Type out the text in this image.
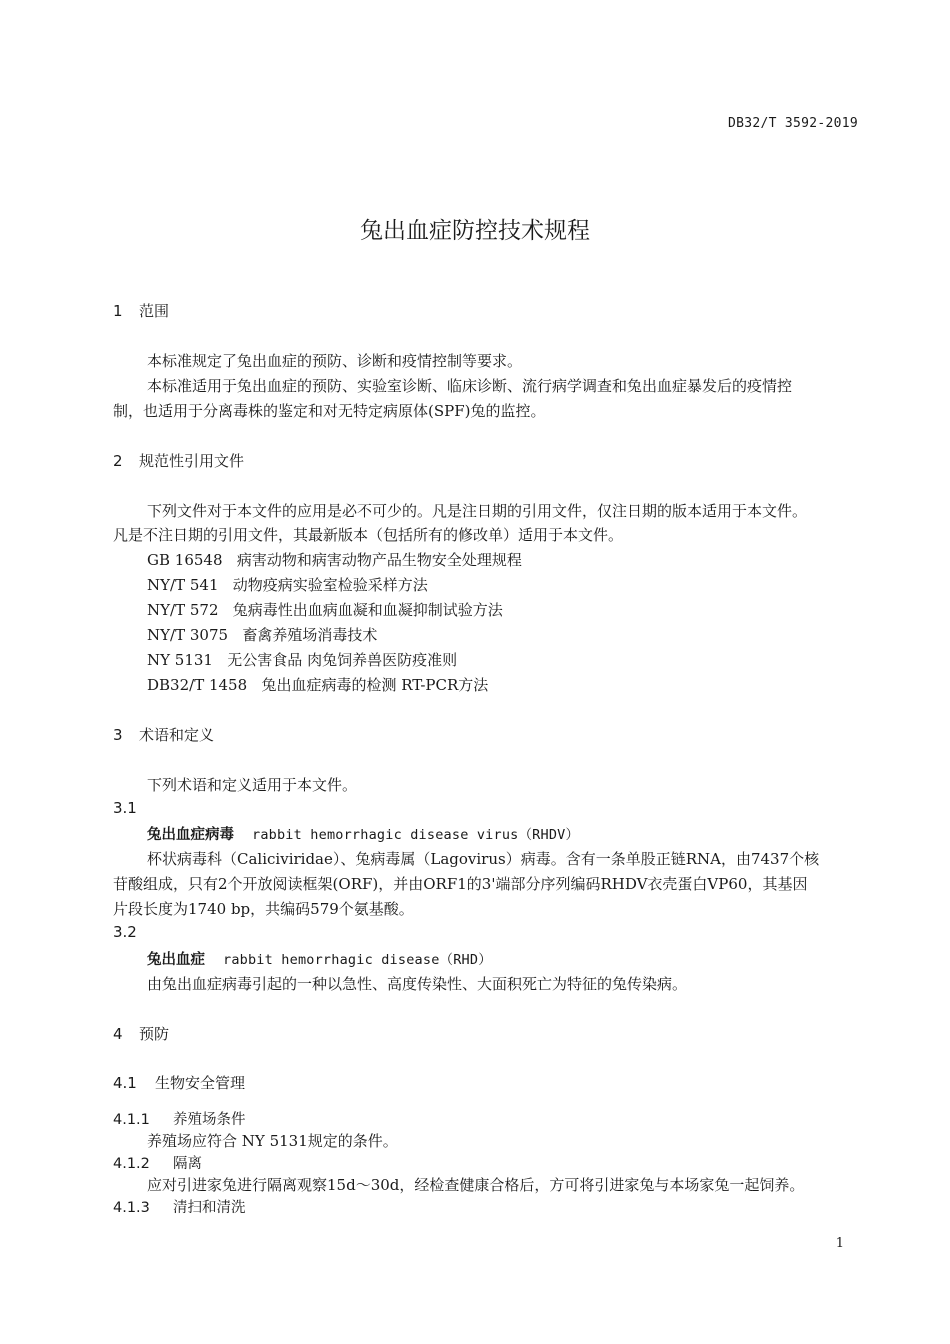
DB32/T 3592-2019
兔出血症防控技术规程
1 范围
本标准规定了兔出血症的预防、诊断和疫情控制等要求。
本标准适用于兔出血症的预防、实验室诊断、临床诊断、流行病学调查和兔出血症暴发后的疫情控
制，也适用于分离毒株的鉴定和对无特定病原体(SPF)兔的监控。
2 规范性引用文件
下列文件对于本文件的应用是必不可少的。凡是注日期的引用文件，仅注日期的版本适用于本文件。
凡是不注日期的引用文件，其最新版本（包括所有的修改单）适用于本文件。
GB 16548 病害动物和病害动物产品生物安全处理规程
NY/T 541 动物疫病实验室检验采样方法
NY/T 572 兔病毒性出血病血凝和血凝抑制试验方法
NY/T 3075 畜禽养殖场消毒技术
NY 5131 无公害食品 肉兔饲养兽医防疫准则
DB32/T 1458 兔出血症病毒的检测 RT-PCR方法
3 术语和定义
下列术语和定义适用于本文件。
3.1
兔出血症病毒 rabbit hemorrhagic disease virus（RHDV）
杯状病毒科（Caliciviridae）、兔病毒属（Lagovirus）病毒。含有一条单股正链RNA，由7437个核
苷酸组成，只有2个开放阅读框架(ORF)，并由ORF1的3'端部分序列编码RHDV衣壳蛋白VP60，其基因
片段长度为1740 bp，共编码579个氨基酸。
3.2
兔出血症 rabbit hemorrhagic disease（RHD）
由兔出血症病毒引起的一种以急性、高度传染性、大面积死亡为特征的兔传染病。
4 预防
4.1 生物安全管理
4.1.1 养殖场条件
养殖场应符合 NY 5131规定的条件。
4.1.2 隔离
应对引进家兔进行隔离观察15d～30d，经检查健康合格后，方可将引进家兔与本场家兔一起饲养。
4.1.3 清扫和清洗
1
